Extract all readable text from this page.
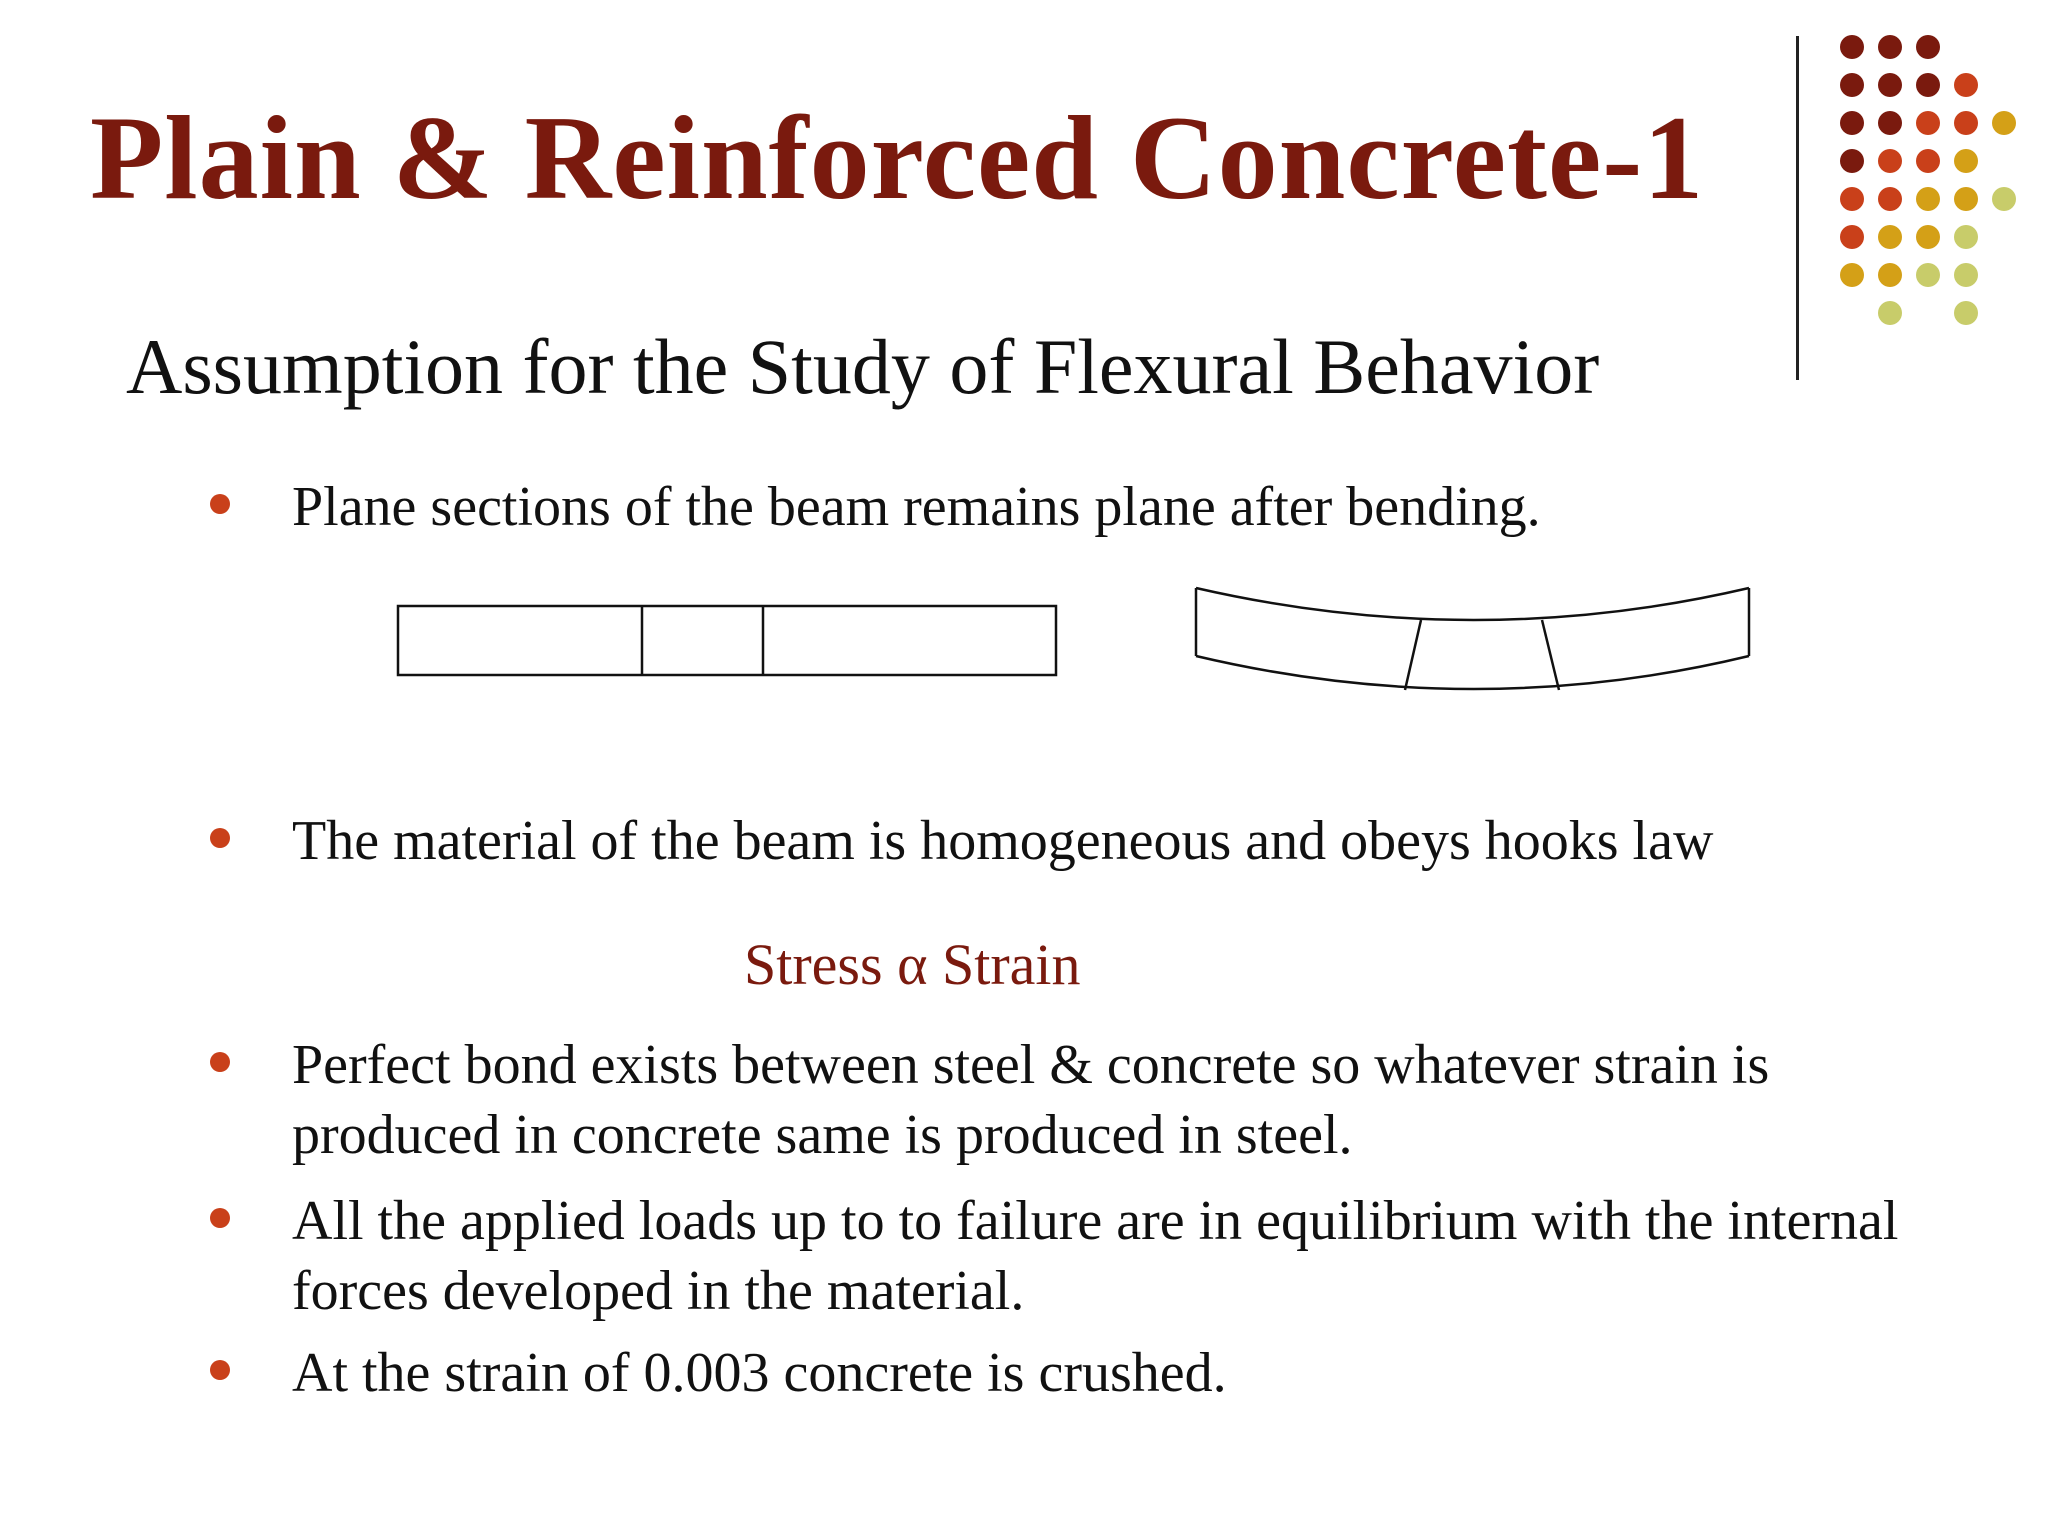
Plain & Reinforced Concrete-1
Assumption for the Study of Flexural Behavior
Plane sections of the beam remains plane after bending.
The material of the beam is homogeneous and obeys hooks law
Stress α Strain
Perfect bond exists between steel & concrete so whatever strain is produced in concrete same is produced in steel.
All the applied loads up to to failure are in equilibrium with the internal forces developed in the material.
At the strain of 0.003 concrete is crushed.
